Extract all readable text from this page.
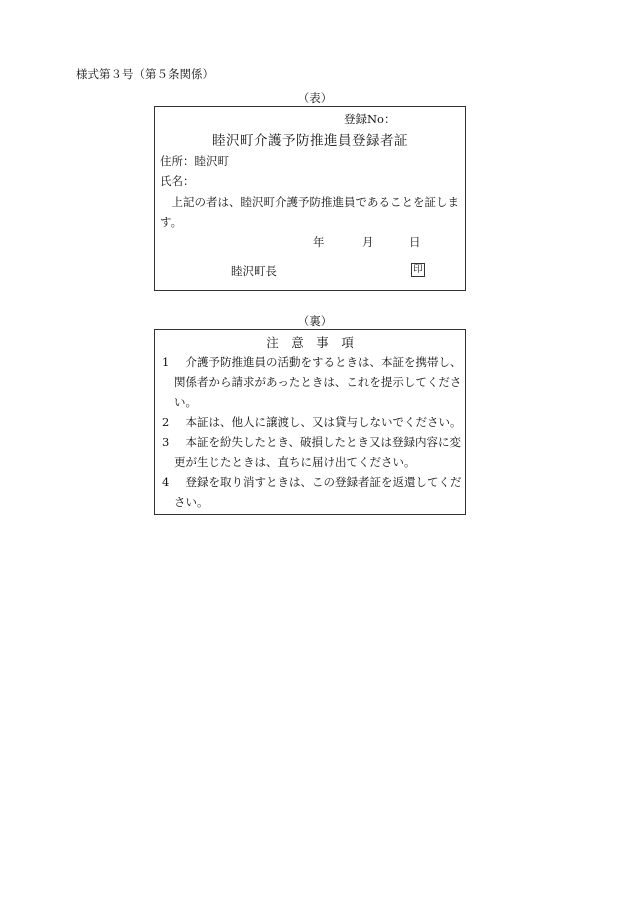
様式第３号（第５条関係）
（表）
登録No：
睦沢町介護予防推進員登録者証
住所：睦沢町
氏名：
上記の者は、睦沢町介護予防推進員であることを証します。
年	月	日
睦沢町長	印
（裏）
注　意　事　項
1 介護予防推進員の活動をするときは、本証を携帯し、関係者から請求があったときは、これを提示してください。
2 本証は、他人に譲渡し、又は貸与しないでください。
3 本証を紛失したとき、破損したとき又は登録内容に変更が生じたときは、直ちに届け出てください。
4 登録を取り消すときは、この登録者証を返還してください。
